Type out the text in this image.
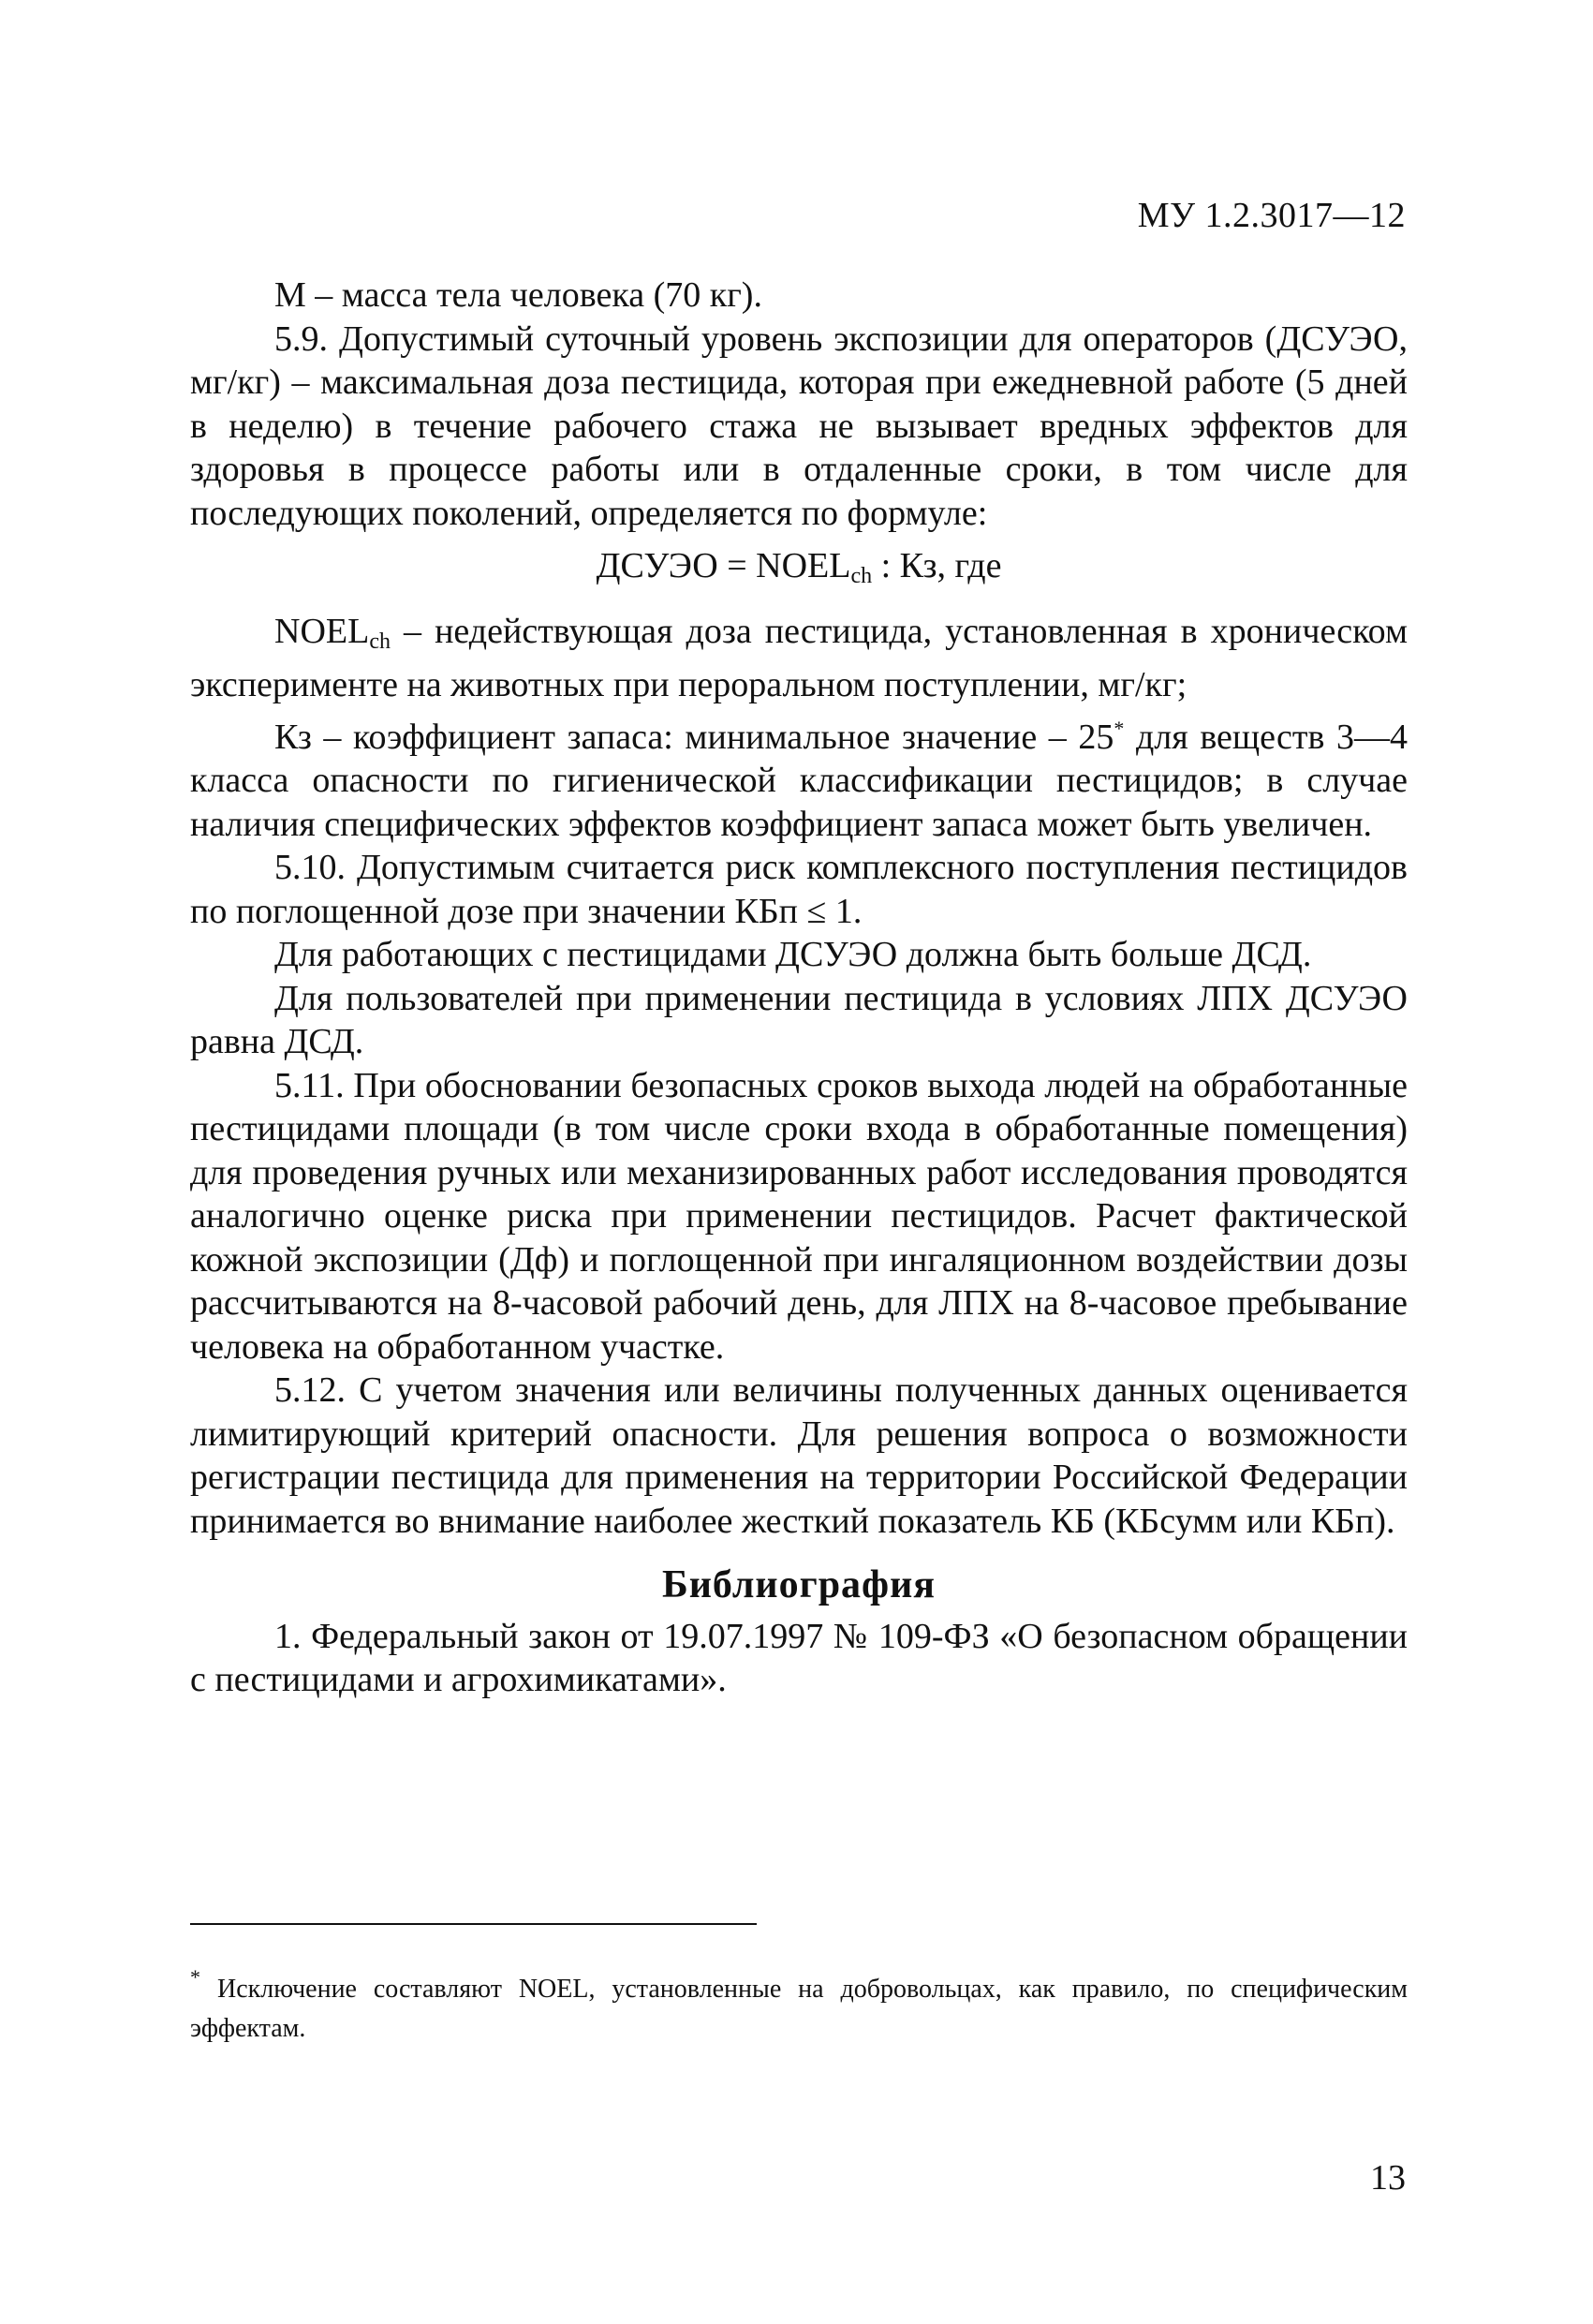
МУ 1.2.3017—12

М – масса тела человека (70 кг).

5.9. Допустимый суточный уровень экспозиции для операторов (ДСУЭО, мг/кг) – максимальная доза пестицида, которая при ежедневной работе (5 дней в неделю) в течение рабочего стажа не вызывает вредных эффектов для здоровья в процессе работы или в отдаленные сроки, в том числе для последующих поколений, определяется по формуле:

ДСУЭО = $NOEL_{ch}$ : Кз, где

$NOEL_{ch}$ – недействующая доза пестицида, установленная в хроническом эксперименте на животных при пероральном поступлении, мг/кг;

Кз – коэффициент запаса: минимальное значение – 25* для веществ 3—4 класса опасности по гигиенической классификации пестицидов; в случае наличия специфических эффектов коэффициент запаса может быть увеличен.

5.10. Допустимым считается риск комплексного поступления пестицидов по поглощенной дозе при значении КБп ≤ 1.

Для работающих с пестицидами ДСУЭО должна быть больше ДСД.

Для пользователей при применении пестицида в условиях ЛПХ ДСУЭО равна ДСД.

5.11. При обосновании безопасных сроков выхода людей на обработанные пестицидами площади (в том числе сроки входа в обработанные помещения) для проведения ручных или механизированных работ исследования проводятся аналогично оценке риска при применении пестицидов. Расчет фактической кожной экспозиции (Дф) и поглощенной при ингаляционном воздействии дозы рассчитываются на 8-часовой рабочий день, для ЛПХ на 8-часовое пребывание человека на обработанном участке.

5.12. С учетом значения или величины полученных данных оценивается лимитирующий критерий опасности. Для решения вопроса о возможности регистрации пестицида для применения на территории Российской Федерации принимается во внимание наиболее жесткий показатель КБ (КБсумм или КБп).

Библиография

1. Федеральный закон от 19.07.1997 № 109-ФЗ «О безопасном обращении с пестицидами и агрохимикатами».

* Исключение составляют NOEL, установленные на добровольцах, как правило, по специфическим эффектам.

13
